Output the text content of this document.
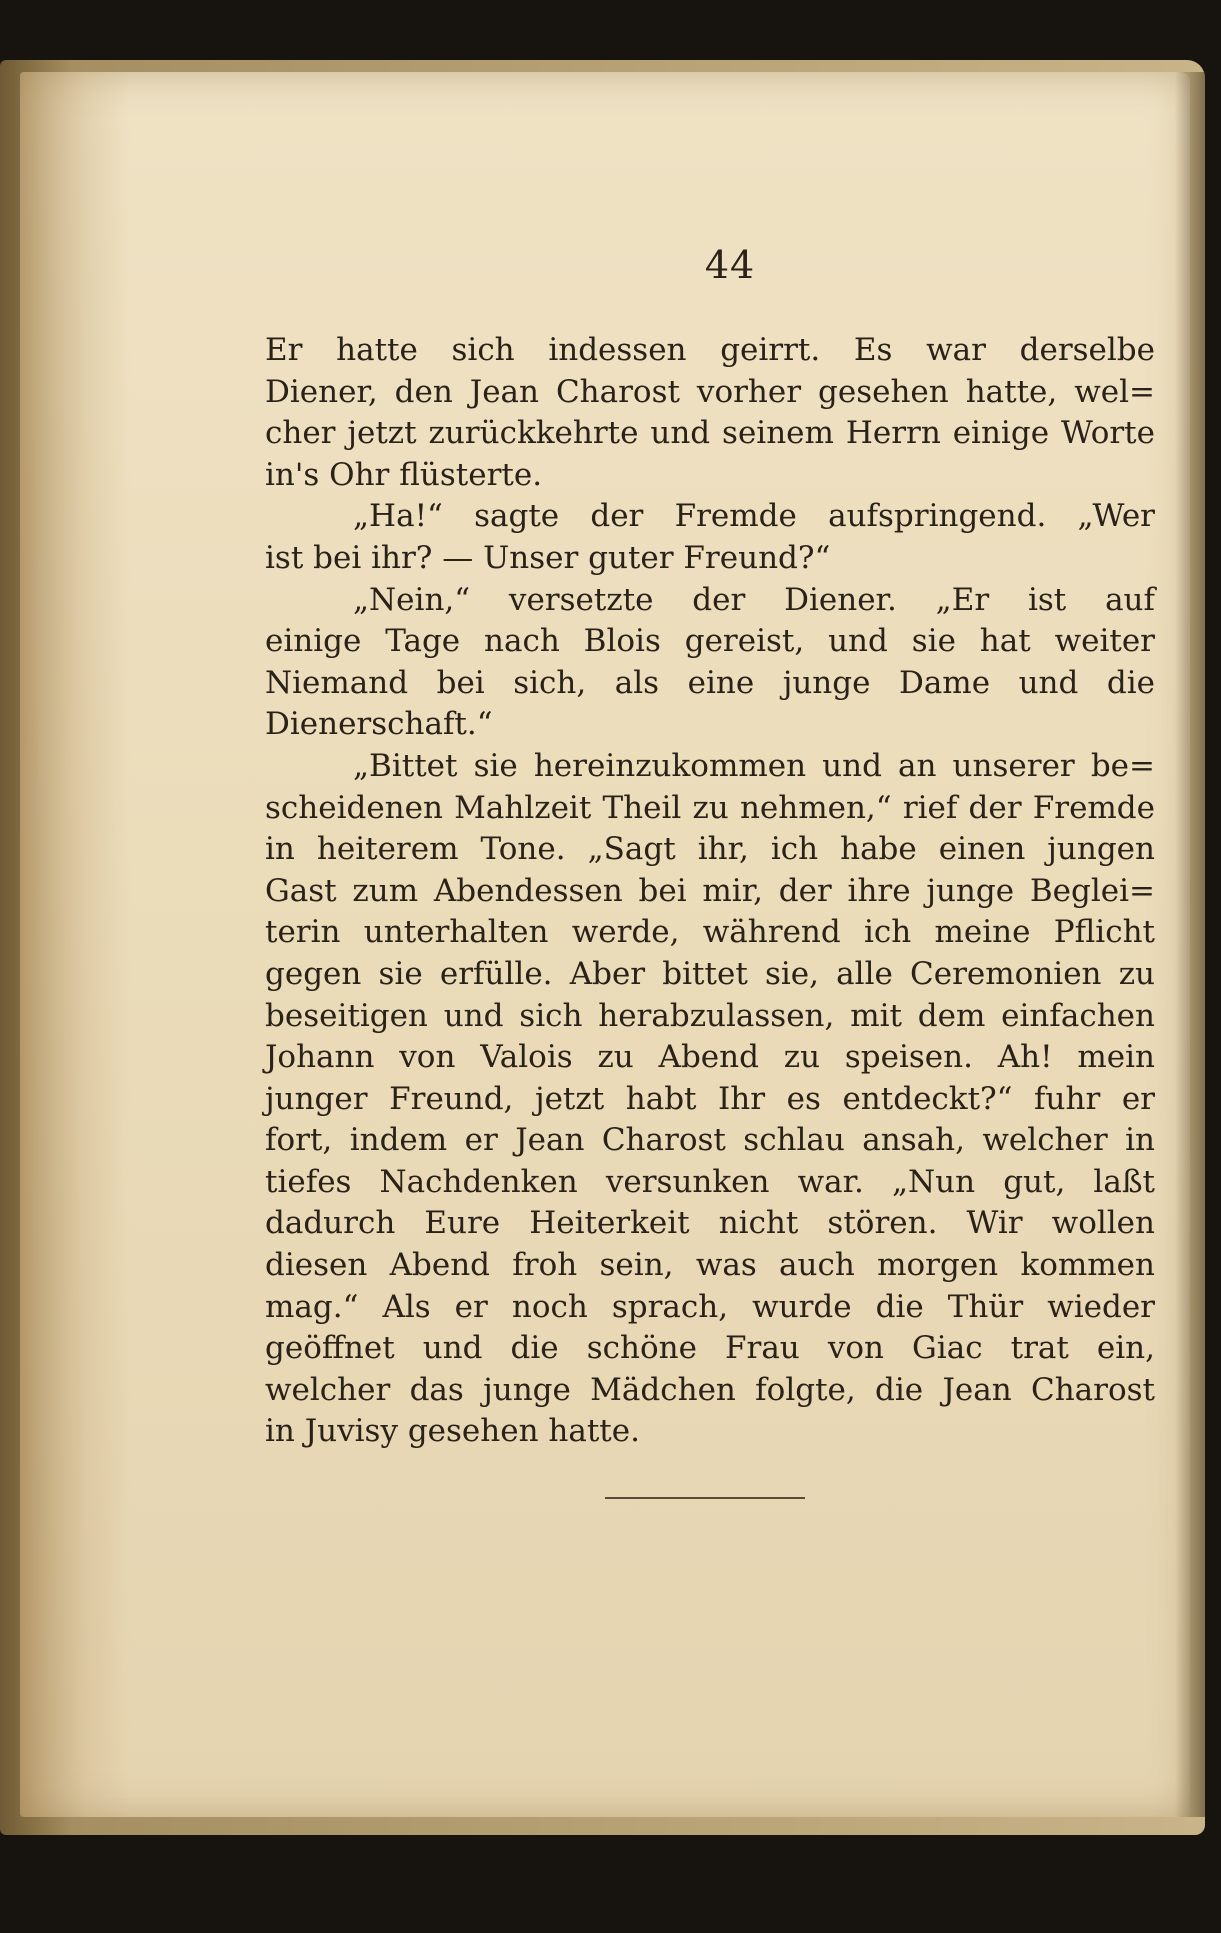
44
Er hatte sich indessen geirrt. Es war derselbe
Diener, den Jean Charost vorher gesehen hatte, wel=
cher jetzt zurückkehrte und seinem Herrn einige Worte
in's Ohr flüsterte.
„Ha!“ sagte der Fremde aufspringend. „Wer
ist bei ihr? — Unser guter Freund?“
„Nein,“ versetzte der Diener. „Er ist auf
einige Tage nach Blois gereist, und sie hat weiter
Niemand bei sich, als eine junge Dame und die
Dienerschaft.“
„Bittet sie hereinzukommen und an unserer be=
scheidenen Mahlzeit Theil zu nehmen,“ rief der Fremde
in heiterem Tone. „Sagt ihr, ich habe einen jungen
Gast zum Abendessen bei mir, der ihre junge Beglei=
terin unterhalten werde, während ich meine Pflicht
gegen sie erfülle. Aber bittet sie, alle Ceremonien zu
beseitigen und sich herabzulassen, mit dem einfachen
Johann von Valois zu Abend zu speisen. Ah! mein
junger Freund, jetzt habt Ihr es entdeckt?“ fuhr er
fort, indem er Jean Charost schlau ansah, welcher in
tiefes Nachdenken versunken war. „Nun gut, laßt
dadurch Eure Heiterkeit nicht stören. Wir wollen
diesen Abend froh sein, was auch morgen kommen
mag.“ Als er noch sprach, wurde die Thür wieder
geöffnet und die schöne Frau von Giac trat ein,
welcher das junge Mädchen folgte, die Jean Charost
in Juvisy gesehen hatte.
